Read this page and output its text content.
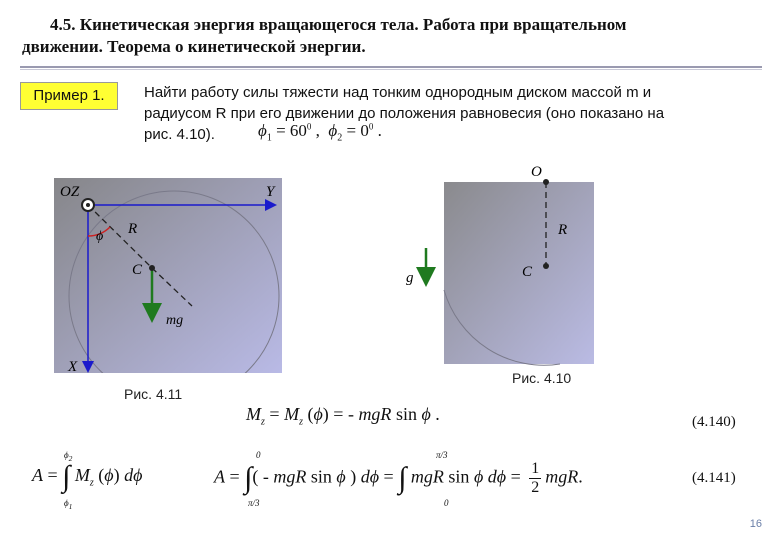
4.5. Кинетическая энергия вращающегося тела. Работа при вращательном
движении. Теорема о кинетической энергии.
Пример 1.	Найти работу силы тяжести над тонким однородным диском массой m и
радиусом R при его движении до положения равновесия (оно показано на
рис. 4.10).	$\phi_1 = 60^0$ ,  $\phi_2 = 0^0$ .
OZ	Y
X
R
C
ϕ
mg
Рис. 4.11
O
R
C
g
Рис. 4.10
$M_z = M_z$ (ϕ) = - mgR sin ϕ .	(4.140)
A = ∫ $M_z$ (ϕ) dϕ
$\phi_2$
$\phi_1$
A = ∫( - mgR sin ϕ ) dϕ = ∫ mgR sin ϕ $d\phi = \frac{1}{2}$ mgR.
0
π/3
π/3
0
(4.141)
16
